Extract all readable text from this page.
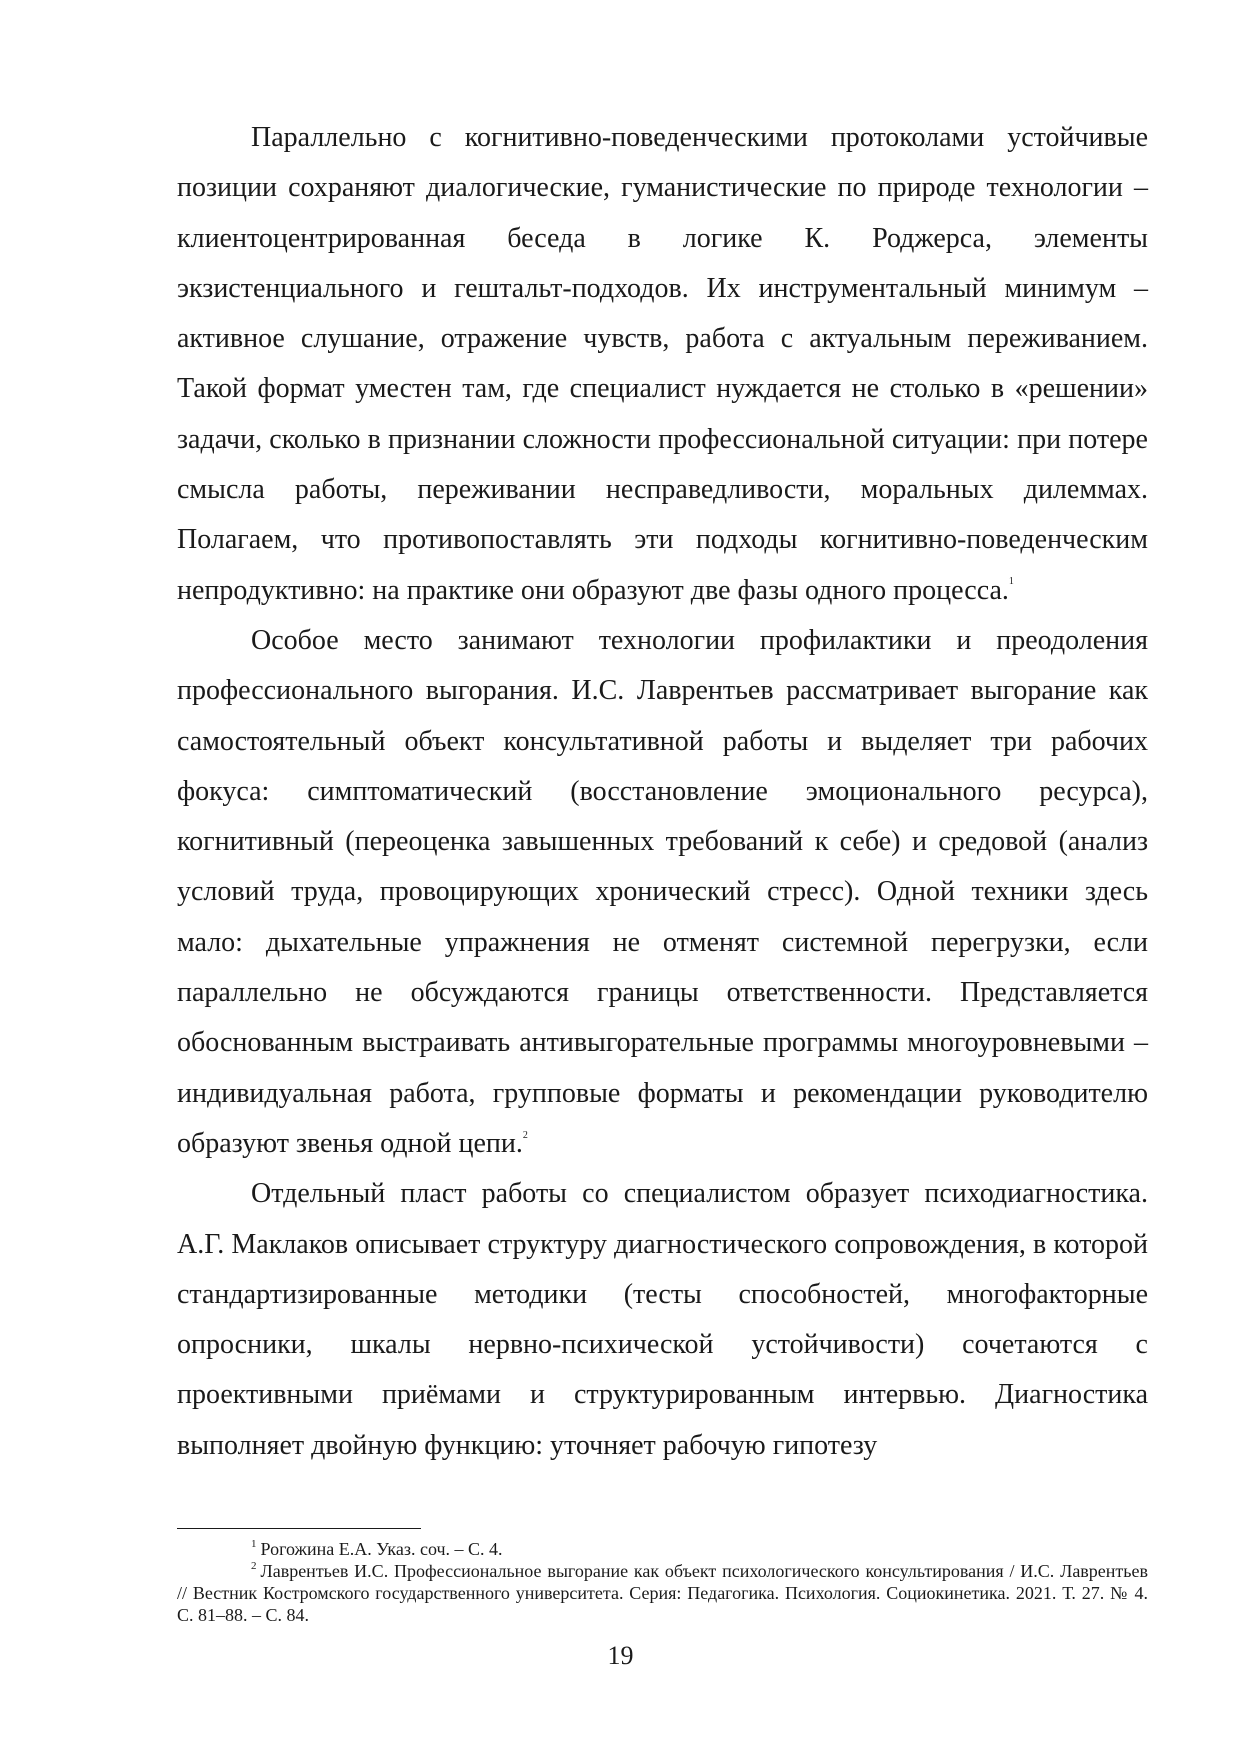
Параллельно с когнитивно-поведенческими протоколами устойчивые позиции сохраняют диалогические, гуманистические по природе технологии – клиентоцентрированная беседа в логике К. Роджерса, элементы экзистенциального и гештальт-подходов. Их инструментальный минимум – активное слушание, отражение чувств, работа с актуальным переживанием. Такой формат уместен там, где специалист нуждается не столько в «решении» задачи, сколько в признании сложности профессиональной ситуации: при потере смысла работы, переживании несправедливости, моральных дилеммах. Полагаем, что противопоставлять эти подходы когнитивно-поведенческим непродуктивно: на практике они образуют две фазы одного процесса.$^1$

Особое место занимают технологии профилактики и преодоления профессионального выгорания. И.С. Лаврентьев рассматривает выгорание как самостоятельный объект консультативной работы и выделяет три рабочих фокуса: симптоматический (восстановление эмоционального ресурса), когнитивный (переоценка завышенных требований к себе) и средовой (анализ условий труда, провоцирующих хронический стресс). Одной техники здесь мало: дыхательные упражнения не отменят системной перегрузки, если параллельно не обсуждаются границы ответственности. Представляется обоснованным выстраивать антивыгорательные программы многоуровневыми – индивидуальная работа, групповые форматы и рекомендации руководителю образуют звенья одной цепи.$^2$

Отдельный пласт работы со специалистом образует психодиагностика. А.Г. Маклаков описывает структуру диагностического сопровождения, в которой стандартизированные методики (тесты способностей, многофакторные опросники, шкалы нервно-психической устойчивости) сочетаются с проективными приёмами и структурированным интервью. Диагностика выполняет двойную функцию: уточняет рабочую гипотезу

$^1$ Рогожина Е.А. Указ. соч. – С. 4.

$^2$ Лаврентьев И.С. Профессиональное выгорание как объект психологического консультирования / И.С. Лаврентьев // Вестник Костромского государственного университета. Серия: Педагогика. Психология. Социокинетика. 2021. Т. 27. № 4. С. 81–88. – С. 84.

19
